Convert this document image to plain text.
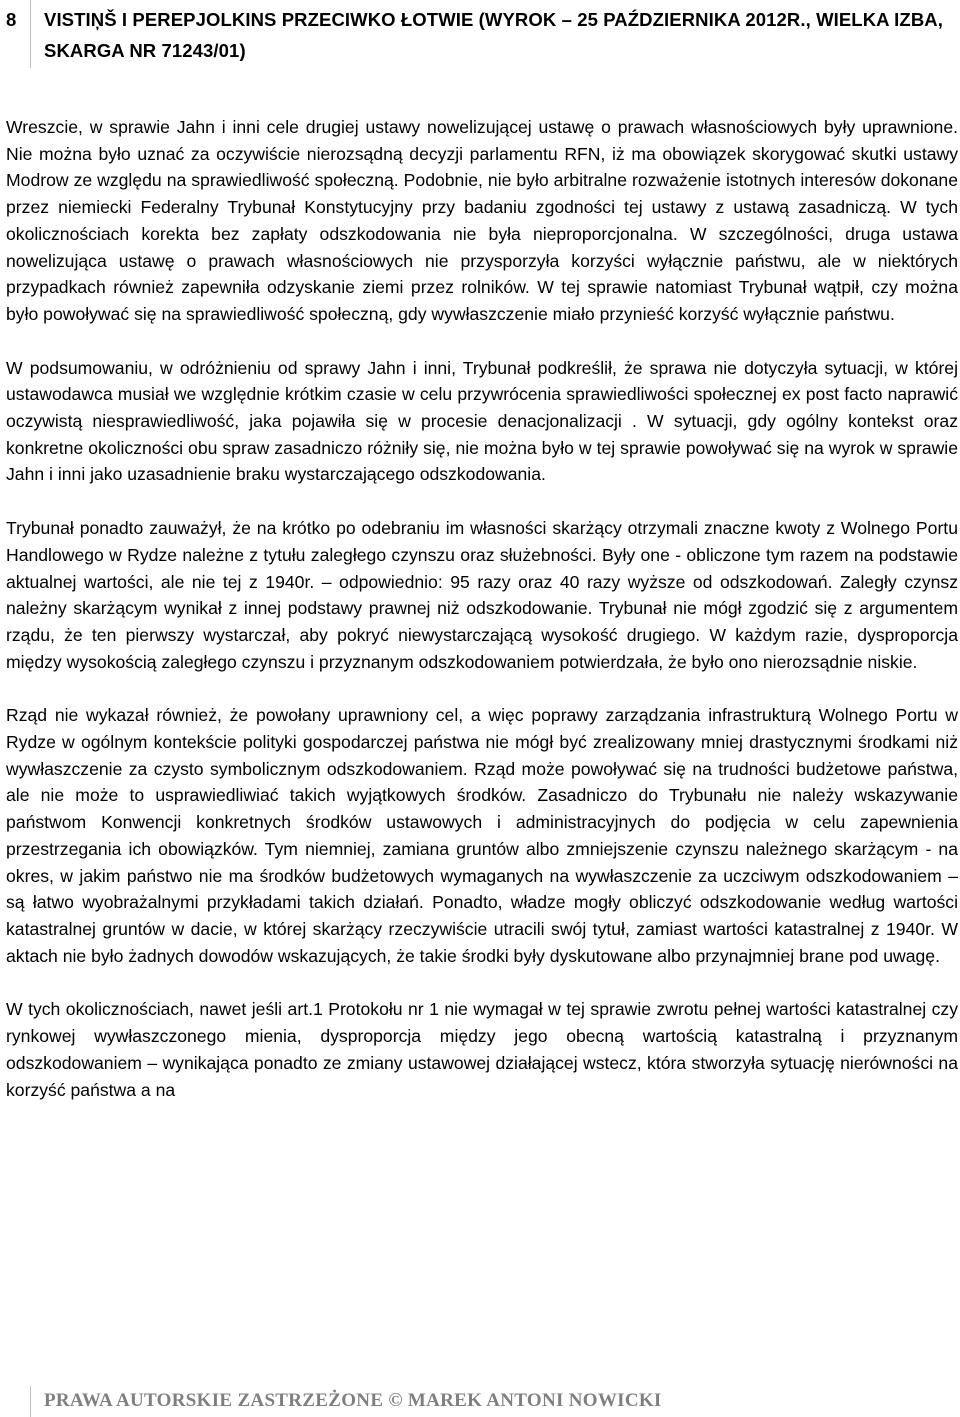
8 VISTIŅŠ I PEREPJOLKINS PRZECIWKO ŁOTWIE (WYROK – 25 PAŹDZIERNIKA 2012R., WIELKA IZBA, SKARGA NR 71243/01)

Wreszcie, w sprawie Jahn i inni cele drugiej ustawy nowelizującej ustawę o prawach własnościowych były uprawnione. Nie można było uznać za oczywiście nierozsądną decyzji parlamentu RFN, iż ma obowiązek skorygować skutki ustawy Modrow ze względu na sprawiedliwość społeczną. Podobnie, nie było arbitralne rozważenie istotnych interesów dokonane przez niemiecki Federalny Trybunał Konstytucyjny przy badaniu zgodności tej ustawy z ustawą zasadniczą. W tych okolicznościach korekta bez zapłaty odszkodowania nie była nieproporcjonalna. W szczególności, druga ustawa nowelizująca ustawę o prawach własnościowych nie przysporzyła korzyści wyłącznie państwu, ale w niektórych przypadkach również zapewniła odzyskanie ziemi przez rolników. W tej sprawie natomiast Trybunał wątpił, czy można było powoływać się na sprawiedliwość społeczną, gdy wywłaszczenie miało przynieść korzyść wyłącznie państwu.

W podsumowaniu, w odróżnieniu od sprawy Jahn i inni, Trybunał podkreślił, że sprawa nie dotyczyła sytuacji, w której ustawodawca musiał we względnie krótkim czasie w celu przywrócenia sprawiedliwości społecznej ex post facto naprawić oczywistą niesprawiedliwość, jaka pojawiła się w procesie denacjonalizacji . W sytuacji, gdy ogólny kontekst oraz konkretne okoliczności obu spraw zasadniczo różniły się, nie można było w tej sprawie powoływać się na wyrok w sprawie Jahn i inni jako uzasadnienie braku wystarczającego odszkodowania.

Trybunał ponadto zauważył, że na krótko po odebraniu im własności skarżący otrzymali znaczne kwoty z Wolnego Portu Handlowego w Rydze należne z tytułu zaległego czynszu oraz służebności. Były one - obliczone tym razem na podstawie aktualnej wartości, ale nie tej z 1940r. – odpowiednio: 95 razy oraz 40 razy wyższe od odszkodowań. Zaległy czynsz należny skarżącym wynikał z innej podstawy prawnej niż odszkodowanie. Trybunał nie mógł zgodzić się z argumentem rządu, że ten pierwszy wystarczał, aby pokryć niewystarczającą wysokość drugiego. W każdym razie, dysproporcja między wysokością zaległego czynszu i przyznanym odszkodowaniem potwierdzała, że było ono nierozsądnie niskie.

Rząd nie wykazał również, że powołany uprawniony cel, a więc poprawy zarządzania infrastrukturą Wolnego Portu w Rydze w ogólnym kontekście polityki gospodarczej państwa nie mógł być zrealizowany mniej drastycznymi środkami niż wywłaszczenie za czysto symbolicznym odszkodowaniem. Rząd może powoływać się na trudności budżetowe państwa, ale nie może to usprawiedliwiać takich wyjątkowych środków. Zasadniczo do Trybunału nie należy wskazywanie państwom Konwencji konkretnych środków ustawowych i administracyjnych do podjęcia w celu zapewnienia przestrzegania ich obowiązków. Tym niemniej, zamiana gruntów albo zmniejszenie czynszu należnego skarżącym - na okres, w jakim państwo nie ma środków budżetowych wymaganych na wywłaszczenie za uczciwym odszkodowaniem – są łatwo wyobrażalnymi przykładami takich działań. Ponadto, władze mogły obliczyć odszkodowanie według wartości katastralnej gruntów w dacie, w której skarżący rzeczywiście utracili swój tytuł, zamiast wartości katastralnej z 1940r. W aktach nie było żadnych dowodów wskazujących, że takie środki były dyskutowane albo przynajmniej brane pod uwagę.

W tych okolicznościach, nawet jeśli art.1 Protokołu nr 1 nie wymagał w tej sprawie zwrotu pełnej wartości katastralnej czy rynkowej wywłaszczonego mienia, dysproporcja między jego obecną wartością katastralną i przyznanym odszkodowaniem – wynikająca ponadto ze zmiany ustawowej działającej wstecz, która stworzyła sytuację nierówności na korzyść państwa a na

PRAWA AUTORSKIE ZASTRZEŻONE © MAREK ANTONI NOWICKI
